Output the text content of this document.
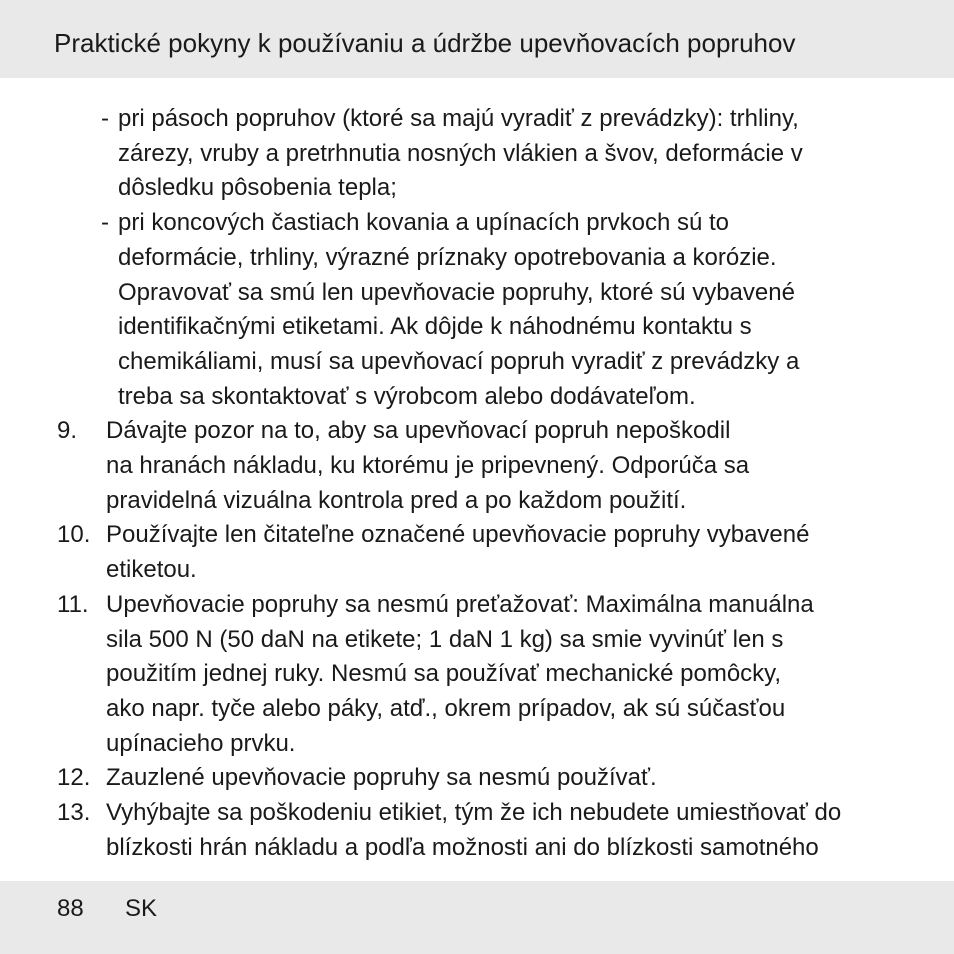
Praktické pokyny k používaniu a údržbe upevňovacích popruhov
- pri pásoch popruhov (ktoré sa majú vyradiť z prevádzky): trhliny,
zárezy, vruby a pretrhnutia nosných vlákien a švov, deformácie v
dôsledku pôsobenia tepla;
- pri koncových častiach kovania a upínacích prvkoch sú to
deformácie, trhliny, výrazné príznaky opotrebovania a korózie.
Opravovať sa smú len upevňovacie popruhy, ktoré sú vybavené
identifikačnými etiketami. Ak dôjde k náhodnému kontaktu s
chemikáliami, musí sa upevňovací popruh vyradiť z prevádzky a
treba sa skontaktovať s výrobcom alebo dodávateľom.
9. Dávajte pozor na to, aby sa upevňovací popruh nepoškodil
na hranách nákladu, ku ktorému je pripevnený. Odporúča sa
pravidelná vizuálna kontrola pred a po každom použití.
10. Používajte len čitateľne označené upevňovacie popruhy vybavené
etiketou.
11. Upevňovacie popruhy sa nesmú preťažovať: Maximálna manuálna
sila 500 N (50 daN na etikete; 1 daN 1 kg) sa smie vyvinúť len s
použitím jednej ruky. Nesmú sa používať mechanické pomôcky,
ako napr. tyče alebo páky, atď., okrem prípadov, ak sú súčasťou
upínacieho prvku.
12. Zauzlené upevňovacie popruhy sa nesmú používať.
13. Vyhýbajte sa poškodeniu etikiet, tým že ich nebudete umiestňovať do
blízkosti hrán nákladu a podľa možnosti ani do blízkosti samotného
88 SK
